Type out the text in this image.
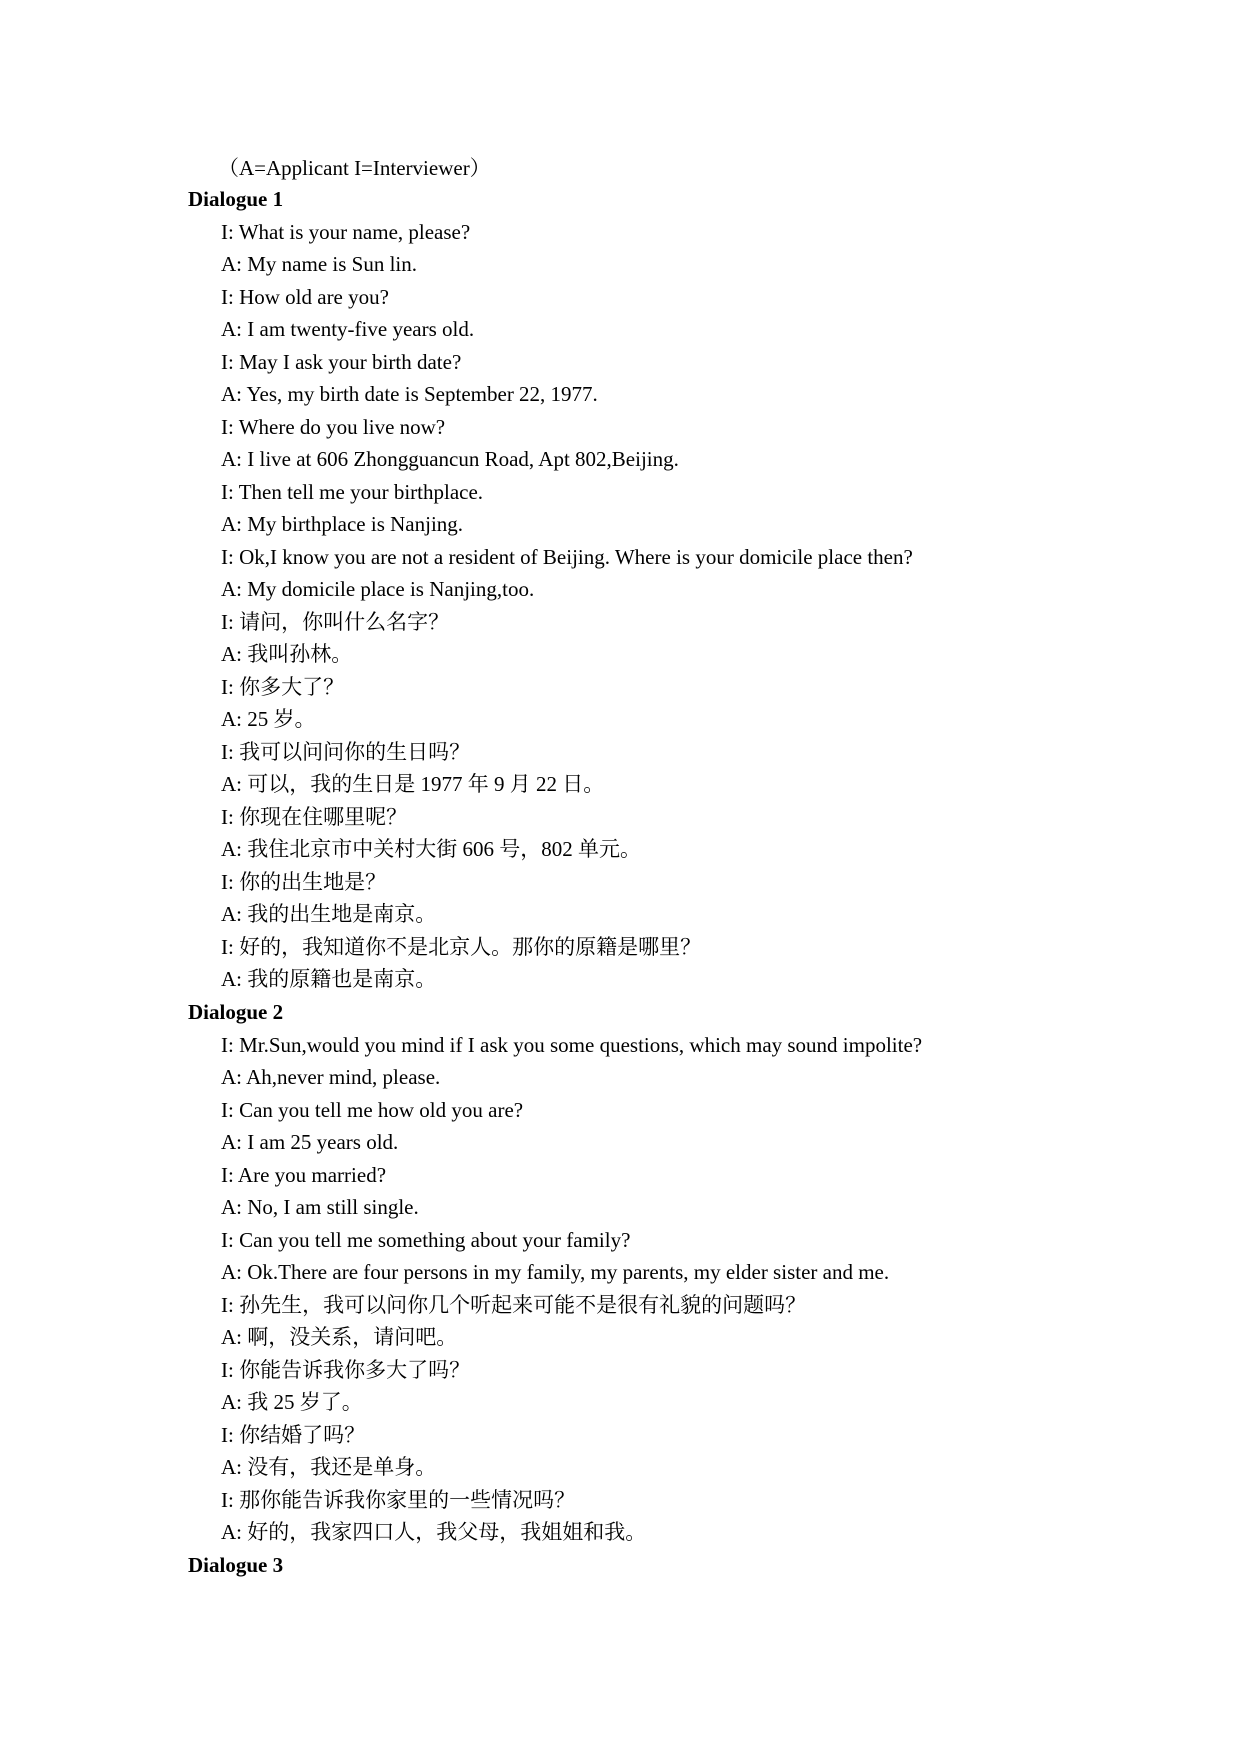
（A=Applicant I=Interviewer）
Dialogue 1
I: What is your name, please?
A: My name is Sun lin.
I: How old are you?
A: I am twenty-five years old.
I: May I ask your birth date?
A: Yes, my birth date is September 22, 1977.
I: Where do you live now?
A: I live at 606 Zhongguancun Road, Apt 802,Beijing.
I: Then tell me your birthplace.
A: My birthplace is Nanjing.
I: Ok,I know you are not a resident of Beijing. Where is your domicile place then?
A: My domicile place is Nanjing,too.
I: 请问，你叫什么名字？
A: 我叫孙林。
I: 你多大了？
A: 25 岁。
I: 我可以问问你的生日吗？
A: 可以，我的生日是 1977 年 9 月 22 日。
I: 你现在住哪里呢？
A: 我住北京市中关村大街 606 号，802 单元。
I: 你的出生地是？
A: 我的出生地是南京。
I: 好的，我知道你不是北京人。那你的原籍是哪里？
A: 我的原籍也是南京。
Dialogue 2
I: Mr.Sun,would you mind if I ask you some questions, which may sound impolite?
A: Ah,never mind, please.
I: Can you tell me how old you are?
A: I am 25 years old.
I: Are you married?
A: No, I am still single.
I: Can you tell me something about your family?
A: Ok.There are four persons in my family, my parents, my elder sister and me.
I: 孙先生，我可以问你几个听起来可能不是很有礼貌的问题吗？
A: 啊，没关系，请问吧。
I: 你能告诉我你多大了吗？
A: 我 25 岁了。
I: 你结婚了吗？
A: 没有，我还是单身。
I: 那你能告诉我你家里的一些情况吗？
A: 好的，我家四口人，我父母，我姐姐和我。
Dialogue 3
